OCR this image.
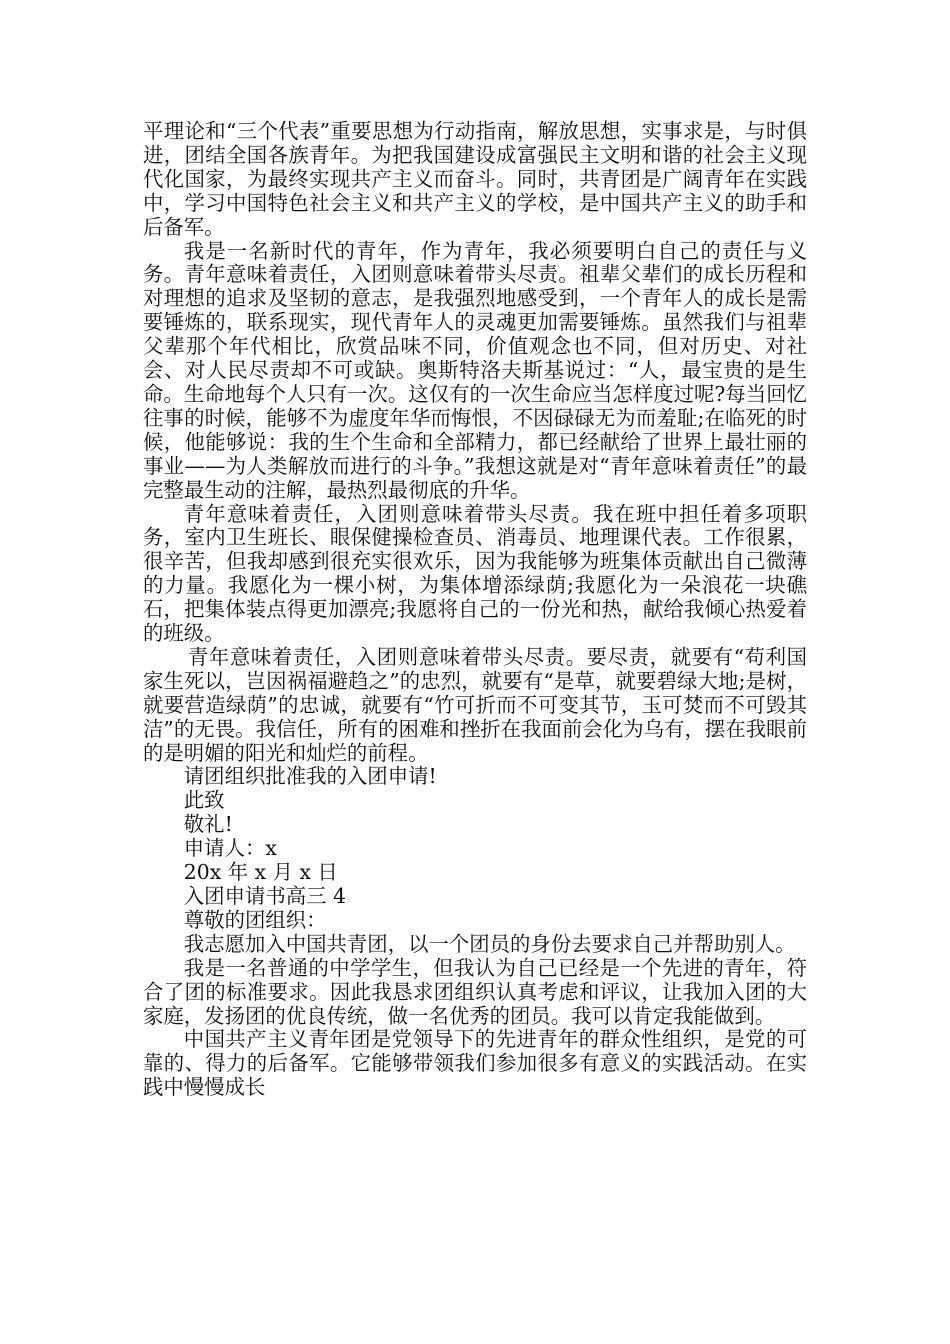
平理论和“三个代表”重要思想为行动指南，解放思想，实事求是，与时俱进，团结全国各族青年。为把我国建设成富强民主文明和谐的社会主义现代化国家，为最终实现共产主义而奋斗。同时，共青团是广阔青年在实践中，学习中国特色社会主义和共产主义的学校，是中国共产主义的助手和后备军。

我是一名新时代的青年，作为青年，我必须要明白自己的责任与义务。青年意味着责任，入团则意味着带头尽责。祖辈父辈们的成长历程和对理想的追求及坚韧的意志，是我强烈地感受到，一个青年人的成长是需要锤炼的，联系现实，现代青年人的灵魂更加需要锤炼。虽然我们与祖辈父辈那个年代相比，欣赏品味不同，价值观念也不同，但对历史、对社会、对人民尽责却不可或缺。奥斯特洛夫斯基说过：“人，最宝贵的是生命。生命地每个人只有一次。这仅有的一次生命应当怎样度过呢?每当回忆往事的时候，能够不为虚度年华而悔恨，不因碌碌无为而羞耻;在临死的时候，他能够说：我的生个生命和全部精力，都已经献给了世界上最壮丽的事业——为人类解放而进行的斗争。”我想这就是对“青年意味着责任”的最完整最生动的注解，最热烈最彻底的升华。

青年意味着责任，入团则意味着带头尽责。我在班中担任着多项职务，室内卫生班长、眼保健操检查员、消毒员、地理课代表。工作很累，很辛苦，但我却感到很充实很欢乐，因为我能够为班集体贡献出自己微薄的力量。我愿化为一棵小树，为集体增添绿荫;我愿化为一朵浪花一块礁石，把集体装点得更加漂亮;我愿将自己的一份光和热，献给我倾心热爱着的班级。

青年意味着责任，入团则意味着带头尽责。要尽责，就要有“苟利国家生死以，岂因祸福避趋之”的忠烈，就要有“是草，就要碧绿大地;是树，就要营造绿荫”的忠诚，就要有“竹可折而不可变其节，玉可焚而不可毁其洁”的无畏。我信任，所有的困难和挫折在我面前会化为乌有，摆在我眼前的是明媚的阳光和灿烂的前程。

请团组织批准我的入团申请!

此致

敬礼!

申请人：x

20x 年 x 月 x 日

入团申请书高三 4

尊敬的团组织：

我志愿加入中国共青团，以一个团员的身份去要求自己并帮助别人。

我是一名普通的中学学生，但我认为自己已经是一个先进的青年，符合了团的标准要求。因此我恳求团组织认真考虑和评议，让我加入团的大家庭，发扬团的优良传统，做一名优秀的团员。我可以肯定我能做到。

中国共产主义青年团是党领导下的先进青年的群众性组织，是党的可靠的、得力的后备军。它能够带领我们参加很多有意义的实践活动。在实践中慢慢成长
